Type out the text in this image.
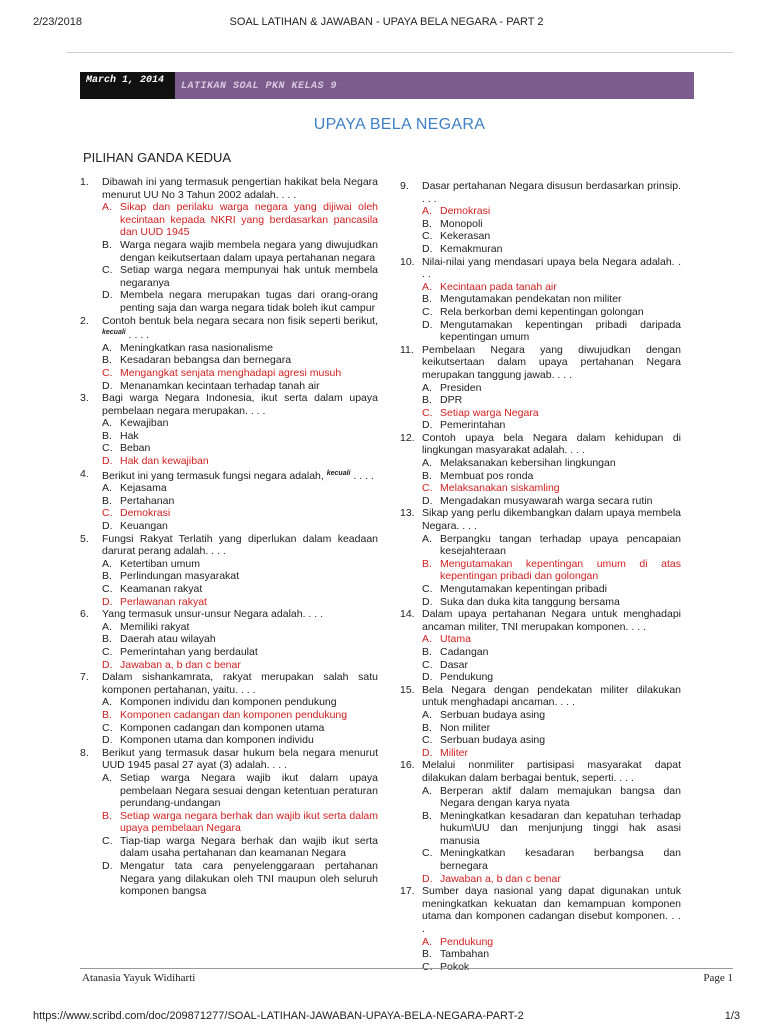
2/23/2018	SOAL LATIHAN & JAWABAN - UPAYA BELA NEGARA - PART 2
March 1, 2014
LATIKAN SOAL PKN KELAS 9
UPAYA BELA NEGARA
PILIHAN GANDA KEDUA
1.	Dibawah ini yang termasuk pengertian hakikat bela Negara menurut UU No 3 Tahun 2002 adalah. . . .
A. Sikap dan perilaku warga negara yang dijiwai oleh kecintaan kepada NKRI yang berdasarkan pancasila dan UUD 1945
B. Warga negara wajib membela negara yang diwujudkan dengan keikutsertaan dalam upaya pertahanan negara
C. Setiap warga negara mempunyai hak untuk membela negaranya
D. Membela negara merupakan tugas dari orang-orang penting saja dan warga negara tidak boleh ikut campur
2.	Contoh bentuk bela negara secara non fisik seperti berikut, $^{kecuali}$ . . . .
A. Meningkatkan rasa nasionalisme
B. Kesadaran bebangsa dan bernegara
C. Mengangkat senjata menghadapi agresi musuh
D. Menanamkan kecintaan terhadap tanah air
3.	Bagi warga Negara Indonesia, ikut serta dalam upaya pembelaan negara merupakan. . . .
A. Kewajiban
B. Hak
C. Beban
D. Hak dan kewajiban
4.	Berikut ini yang termasuk fungsi negara adalah, $^{kecuali}$ . . . .
A. Kejasama
B. Pertahanan
C. Demokrasi
D. Keuangan
5.	Fungsi Rakyat Terlatih yang diperlukan dalam keadaan darurat perang adalah. . . .
A. Ketertiban umum
B. Perlindungan masyarakat
C. Keamanan rakyat
D. Perlawanan rakyat
6.	Yang termasuk unsur-unsur Negara adalah. . . .
A. Memiliki rakyat
B. Daerah atau wilayah
C. Pemerintahan yang berdaulat
D. Jawaban a, b dan c benar
7.	Dalam sishankamrata, rakyat merupakan salah satu komponen pertahanan, yaitu. . . .
A. Komponen individu dan komponen pendukung
B. Komponen cadangan dan komponen pendukung
C. Komponen cadangan dan komponen utama
D. Komponen utama dan komponen individu
8.	Berikut yang termasuk dasar hukum bela negara menurut UUD 1945 pasal 27 ayat (3) adalah. . . .
A. Setiap warga Negara wajib ikut dalam upaya pembelaan Negara sesuai dengan ketentuan peraturan perundang-undangan
B. Setiap warga negara berhak dan wajib ikut serta dalam upaya pembelaan Negara
C. Tiap-tiap warga Negara berhak dan wajib ikut serta dalam usaha pertahanan dan keamanan Negara
D. Mengatur tata cara penyelenggaraan pertahanan Negara yang dilakukan oleh TNI maupun oleh seluruh komponen bangsa
9.	Dasar pertahanan Negara disusun berdasarkan prinsip. . . .
A. Demokrasi
B. Monopoli
C. Kekerasan
D. Kemakmuran
10. Nilai-nilai yang mendasari upaya bela Negara adalah. . . .
A. Kecintaan pada tanah air
B. Mengutamakan pendekatan non militer
C. Rela berkorban demi kepentingan golongan
D. Mengutamakan kepentingan pribadi daripada kepentingan umum
11. Pembelaan Negara yang diwujudkan dengan keikutsertaan dalam upaya pertahanan Negara merupakan tanggung jawab. . . .
A. Presiden
B. DPR
C. Setiap warga Negara
D. Pemerintahan
12. Contoh upaya bela Negara dalam kehidupan di lingkungan masyarakat adalah. . . .
A. Melaksanakan kebersihan lingkungan
B. Membuat pos ronda
C. Melaksanakan siskamling
D. Mengadakan musyawarah warga secara rutin
13. Sikap yang perlu dikembangkan dalam upaya membela Negara. . . .
A. Berpangku tangan terhadap upaya pencapaian kesejahteraan
B. Mengutamakan kepentingan umum di atas kepentingan pribadi dan golongan
C. Mengutamakan kepentingan pribadi
D. Suka dan duka kita tanggung bersama
14. Dalam upaya pertahanan Negara untuk menghadapi ancaman militer, TNI merupakan komponen. . . .
A. Utama
B. Cadangan
C. Dasar
D. Pendukung
15. Bela Negara dengan pendekatan militer dilakukan untuk menghadapi ancaman. . . .
A. Serbuan budaya asing
B. Non militer
C. Serbuan budaya asing
D. Militer
16. Melalui nonmiliter partisipasi masyarakat dapat dilakukan dalam berbagai bentuk, seperti. . . .
A. Berperan aktif dalam memajukan bangsa dan Negara dengan karya nyata
B. Meningkatkan kesadaran dan kepatuhan terhadap hukum\UU dan menjunjung tinggi hak asasi manusia
C. Meningkatkan kesadaran berbangsa dan bernegara
D. Jawaban a, b dan c benar
17. Sumber daya nasional yang dapat digunakan untuk meningkatkan kekuatan dan kemampuan komponen utama dan komponen cadangan disebut komponen. . . .
A. Pendukung
B. Tambahan
C. Pokok
Atanasia Yayuk Widiharti	Page 1
https://www.scribd.com/doc/209871277/SOAL-LATIHAN-JAWABAN-UPAYA-BELA-NEGARA-PART-2	1/3
